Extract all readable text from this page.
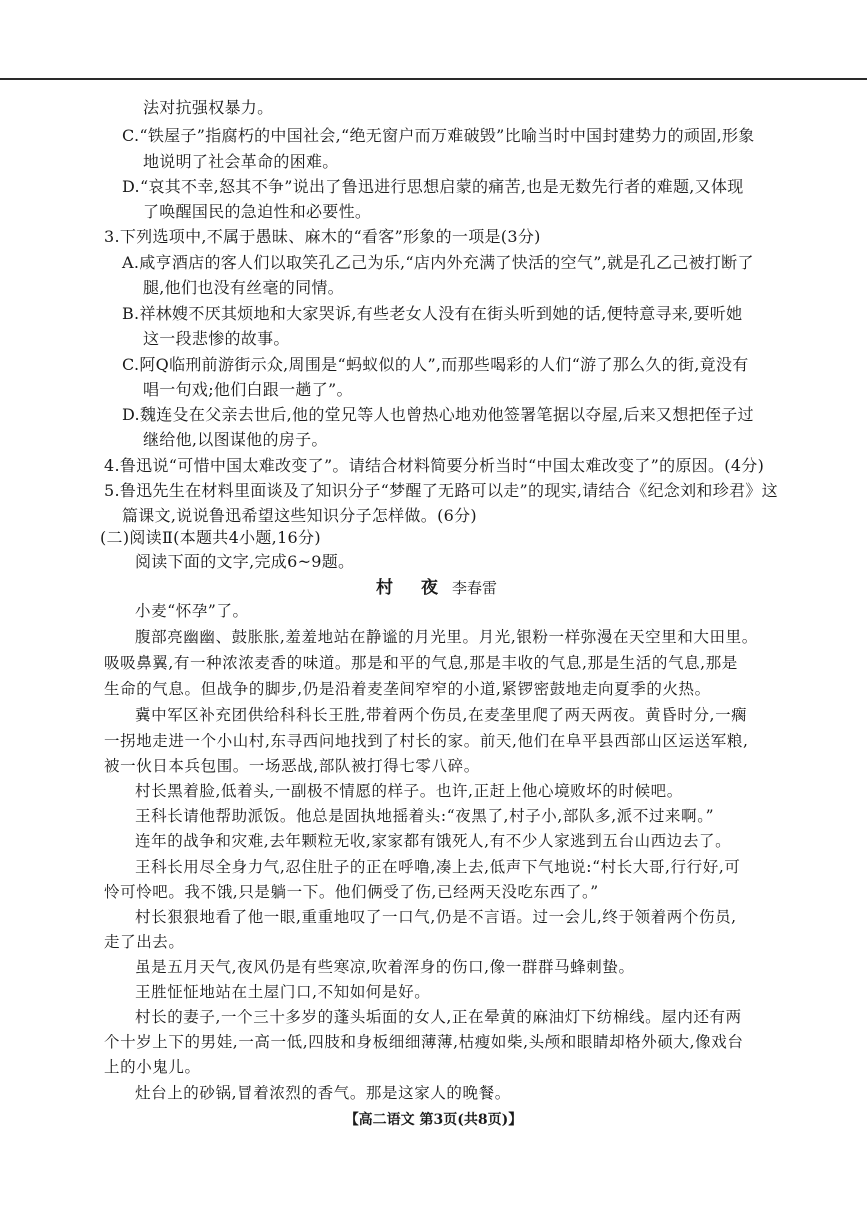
法对抗强权暴力。
C.“铁屋子”指腐朽的中国社会,“绝无窗户而万难破毁”比喻当时中国封建势力的顽固,形象
地说明了社会革命的困难。
D.“哀其不幸,怒其不争”说出了鲁迅进行思想启蒙的痛苦,也是无数先行者的难题,又体现
了唤醒国民的急迫性和必要性。
3.下列选项中,不属于愚昧、麻木的“看客”形象的一项是(3分)
A.咸亨酒店的客人们以取笑孔乙己为乐,“店内外充满了快活的空气”,就是孔乙己被打断了
腿,他们也没有丝毫的同情。
B.祥林嫂不厌其烦地和大家哭诉,有些老女人没有在街头听到她的话,便特意寻来,要听她
这一段悲惨的故事。
C.阿Q临刑前游街示众,周围是“蚂蚁似的人”,而那些喝彩的人们“游了那么久的街,竟没有
唱一句戏;他们白跟一趟了”。
D.魏连殳在父亲去世后,他的堂兄等人也曾热心地劝他签署笔据以夺屋,后来又想把侄子过
继给他,以图谋他的房子。
4.鲁迅说“可惜中国太难改变了”。请结合材料简要分析当时“中国太难改变了”的原因。(4分)
5.鲁迅先生在材料里面谈及了知识分子“梦醒了无路可以走”的现实,请结合《纪念刘和珍君》这
篇课文,说说鲁迅希望这些知识分子怎样做。(6分)
(二)阅读Ⅱ(本题共4小题,16分)
阅读下面的文字,完成6~9题。
村 夜 李春雷
小麦“怀孕”了。
腹部亮幽幽、鼓胀胀,羞羞地站在静谧的月光里。月光,银粉一样弥漫在天空里和大田里。
吸吸鼻翼,有一种浓浓麦香的味道。那是和平的气息,那是丰收的气息,那是生活的气息,那是
生命的气息。但战争的脚步,仍是沿着麦垄间窄窄的小道,紧锣密鼓地走向夏季的火热。
冀中军区补充团供给科科长王胜,带着两个伤员,在麦垄里爬了两天两夜。黄昏时分,一瘸
一拐地走进一个小山村,东寻西问地找到了村长的家。前天,他们在阜平县西部山区运送军粮,
被一伙日本兵包围。一场恶战,部队被打得七零八碎。
村长黑着脸,低着头,一副极不情愿的样子。也许,正赶上他心境败坏的时候吧。
王科长请他帮助派饭。他总是固执地摇着头:“夜黑了,村子小,部队多,派不过来啊。”
连年的战争和灾难,去年颗粒无收,家家都有饿死人,有不少人家逃到五台山西边去了。
王科长用尽全身力气,忍住肚子的正在呼噜,凑上去,低声下气地说:“村长大哥,行行好,可
怜可怜吧。我不饿,只是躺一下。他们俩受了伤,已经两天没吃东西了。”
村长狠狠地看了他一眼,重重地叹了一口气,仍是不言语。过一会儿,终于领着两个伤员,
走了出去。
虽是五月天气,夜风仍是有些寒凉,吹着浑身的伤口,像一群群马蜂刺蛰。
王胜怔怔地站在土屋门口,不知如何是好。
村长的妻子,一个三十多岁的蓬头垢面的女人,正在晕黄的麻油灯下纺棉线。屋内还有两
个十岁上下的男娃,一高一低,四肢和身板细细薄薄,枯瘦如柴,头颅和眼睛却格外硕大,像戏台
上的小鬼儿。
灶台上的砂锅,冒着浓烈的香气。那是这家人的晚餐。
【高二语文 第3页(共8页)】
